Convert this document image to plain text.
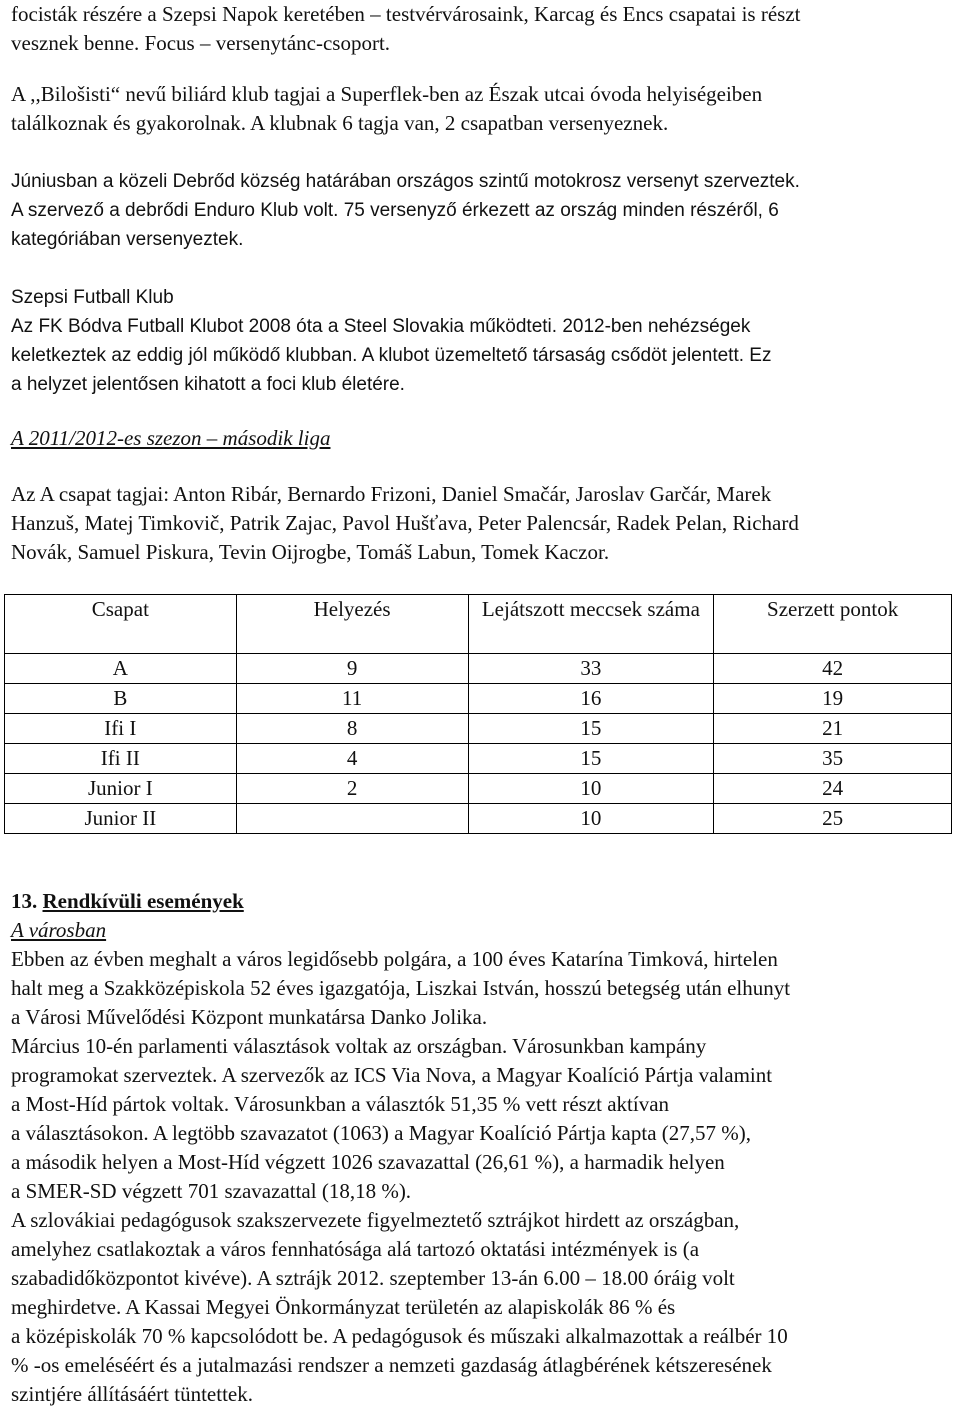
focisták részére a Szepsi Napok keretében – testvérvárosaink, Karcag és Encs csapatai is részt
vesznek benne. Focus – versenytánc-csoport.
A ,,Bilošisti“ nevű biliárd klub tagjai a Superflek-ben az Észak utcai óvoda helyiségeiben
találkoznak és gyakorolnak. A klubnak 6 tagja van, 2 csapatban versenyeznek.
Júniusban a közeli Debrőd község határában országos szintű motokrosz versenyt szerveztek.
A szervező a debrődi Enduro Klub volt. 75 versenyző érkezett az ország minden részéről, 6
kategóriában versenyeztek.
Szepsi Futball Klub
Az FK Bódva Futball Klubot 2008 óta a Steel Slovakia működteti. 2012-ben nehézségek
keletkeztek az eddig jól működő klubban. A klubot üzemeltető társaság csődöt jelentett. Ez
a helyzet jelentősen kihatott a foci klub életére.
A 2011/2012-es szezon – második liga
Az A csapat tagjai: Anton Ribár, Bernardo Frizoni, Daniel Smačár, Jaroslav Garčár, Marek
Hanzuš, Matej Timkovič, Patrik Zajac, Pavol Hušťava, Peter Palencsár, Radek Pelan, Richard
Novák, Samuel Piskura, Tevin Oijrogbe, Tomáš Labun, Tomek Kaczor.
Csapat	Helyezés	Lejátszott meccsek száma	Szerzett pontok
A	9	33	42
B	11	16	19
Ifi I	8	15	21
Ifi II	4	15	35
Junior I	2	10	24
Junior II		10	25
13. Rendkívüli események
A városban
Ebben az évben meghalt a város legidősebb polgára, a 100 éves Katarína Timková, hirtelen
halt meg a Szakközépiskola 52 éves igazgatója, Liszkai István, hosszú betegség után elhunyt
a Városi Művelődési Központ munkatársa Danko Jolika.
Március 10-én parlamenti választások voltak az országban. Városunkban kampány
programokat szerveztek. A szervezők az ICS Via Nova, a Magyar Koalíció Pártja valamint
a Most-Híd pártok voltak. Városunkban a választók 51,35 % vett részt aktívan
a választásokon. A legtöbb szavazatot (1063) a Magyar Koalíció Pártja kapta (27,57 %),
a második helyen a Most-Híd végzett 1026 szavazattal (26,61 %), a harmadik helyen
a SMER-SD végzett 701 szavazattal (18,18 %).
A szlovákiai pedagógusok szakszervezete figyelmeztető sztrájkot hirdett az országban,
amelyhez csatlakoztak a város fennhatósága alá tartozó oktatási intézmények is (a
szabadidőközpontot kivéve). A sztrájk 2012. szeptember 13-án 6.00 – 18.00 óráig volt
meghirdetve. A Kassai Megyei Önkormányzat területén az alapiskolák 86 % és
a középiskolák 70 % kapcsolódott be. A pedagógusok és műszaki alkalmazottak a reálbér 10
% -os emeléséért és a jutalmazási rendszer a nemzeti gazdaság átlagbérének kétszeresének
szintjére állításáért tüntettek.
